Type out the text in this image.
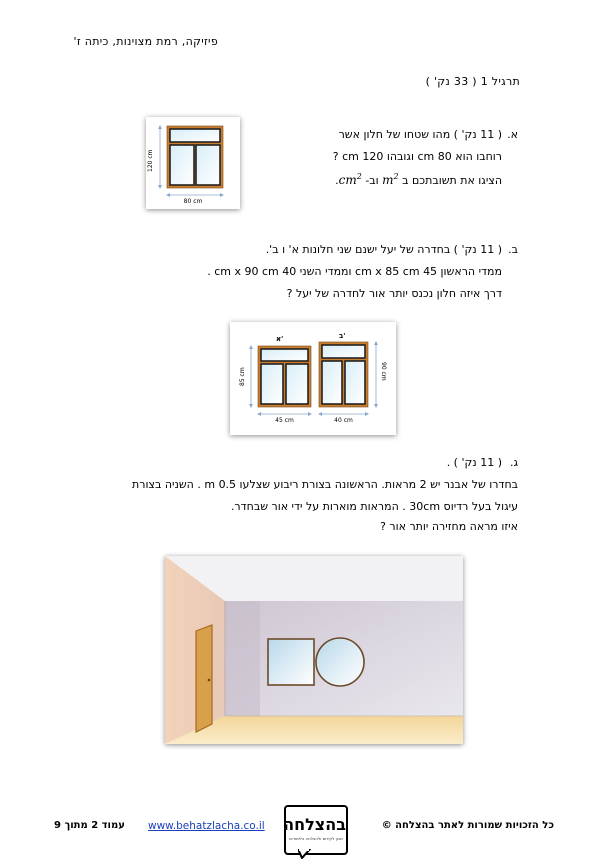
פיזיקה, רמת מצוינות, כיתה ז'
תרגיל 1 ( 33 נק' )
א.
( 11 נק' ) מהו שטחו של חלון אשר
רוחבו הוא 80 cm וגובהו 120 cm ?
הציגו את תשובתכם ב $m^2$ וב- $cm^2$.
120 cm
80 cm
ב.
( 11 נק' ) בחדרה של יעל ישנם שני חלונות א' ו ב'.
ממדי הראשון 45 cm x 85 cm וממדי השני 40 cm x 90 cm .
דרך איזה חלון נכנס יותר אור לחדרה של יעל ?
א'	ב'
85 cm	90 cm
45 cm	40 cm
ג.
( 11 נק' ) .
בחדרו של אבנר יש 2 מראות. הראשונה בצורת ריבוע שצלעו 0.5 m . השניה בצורת
עיגול בעל רדיוס 30cm . המראות מוארות על ידי אור שבחדר.
איזו מראה מחזירה יותר אור ?
כל הזכויות שמורות לאתר בהצלחה ©
www.behatzlacha.co.il
עמוד 2 מתוך 9	בהצלחה
מכון לקידום ולהצלחה בלימודים
